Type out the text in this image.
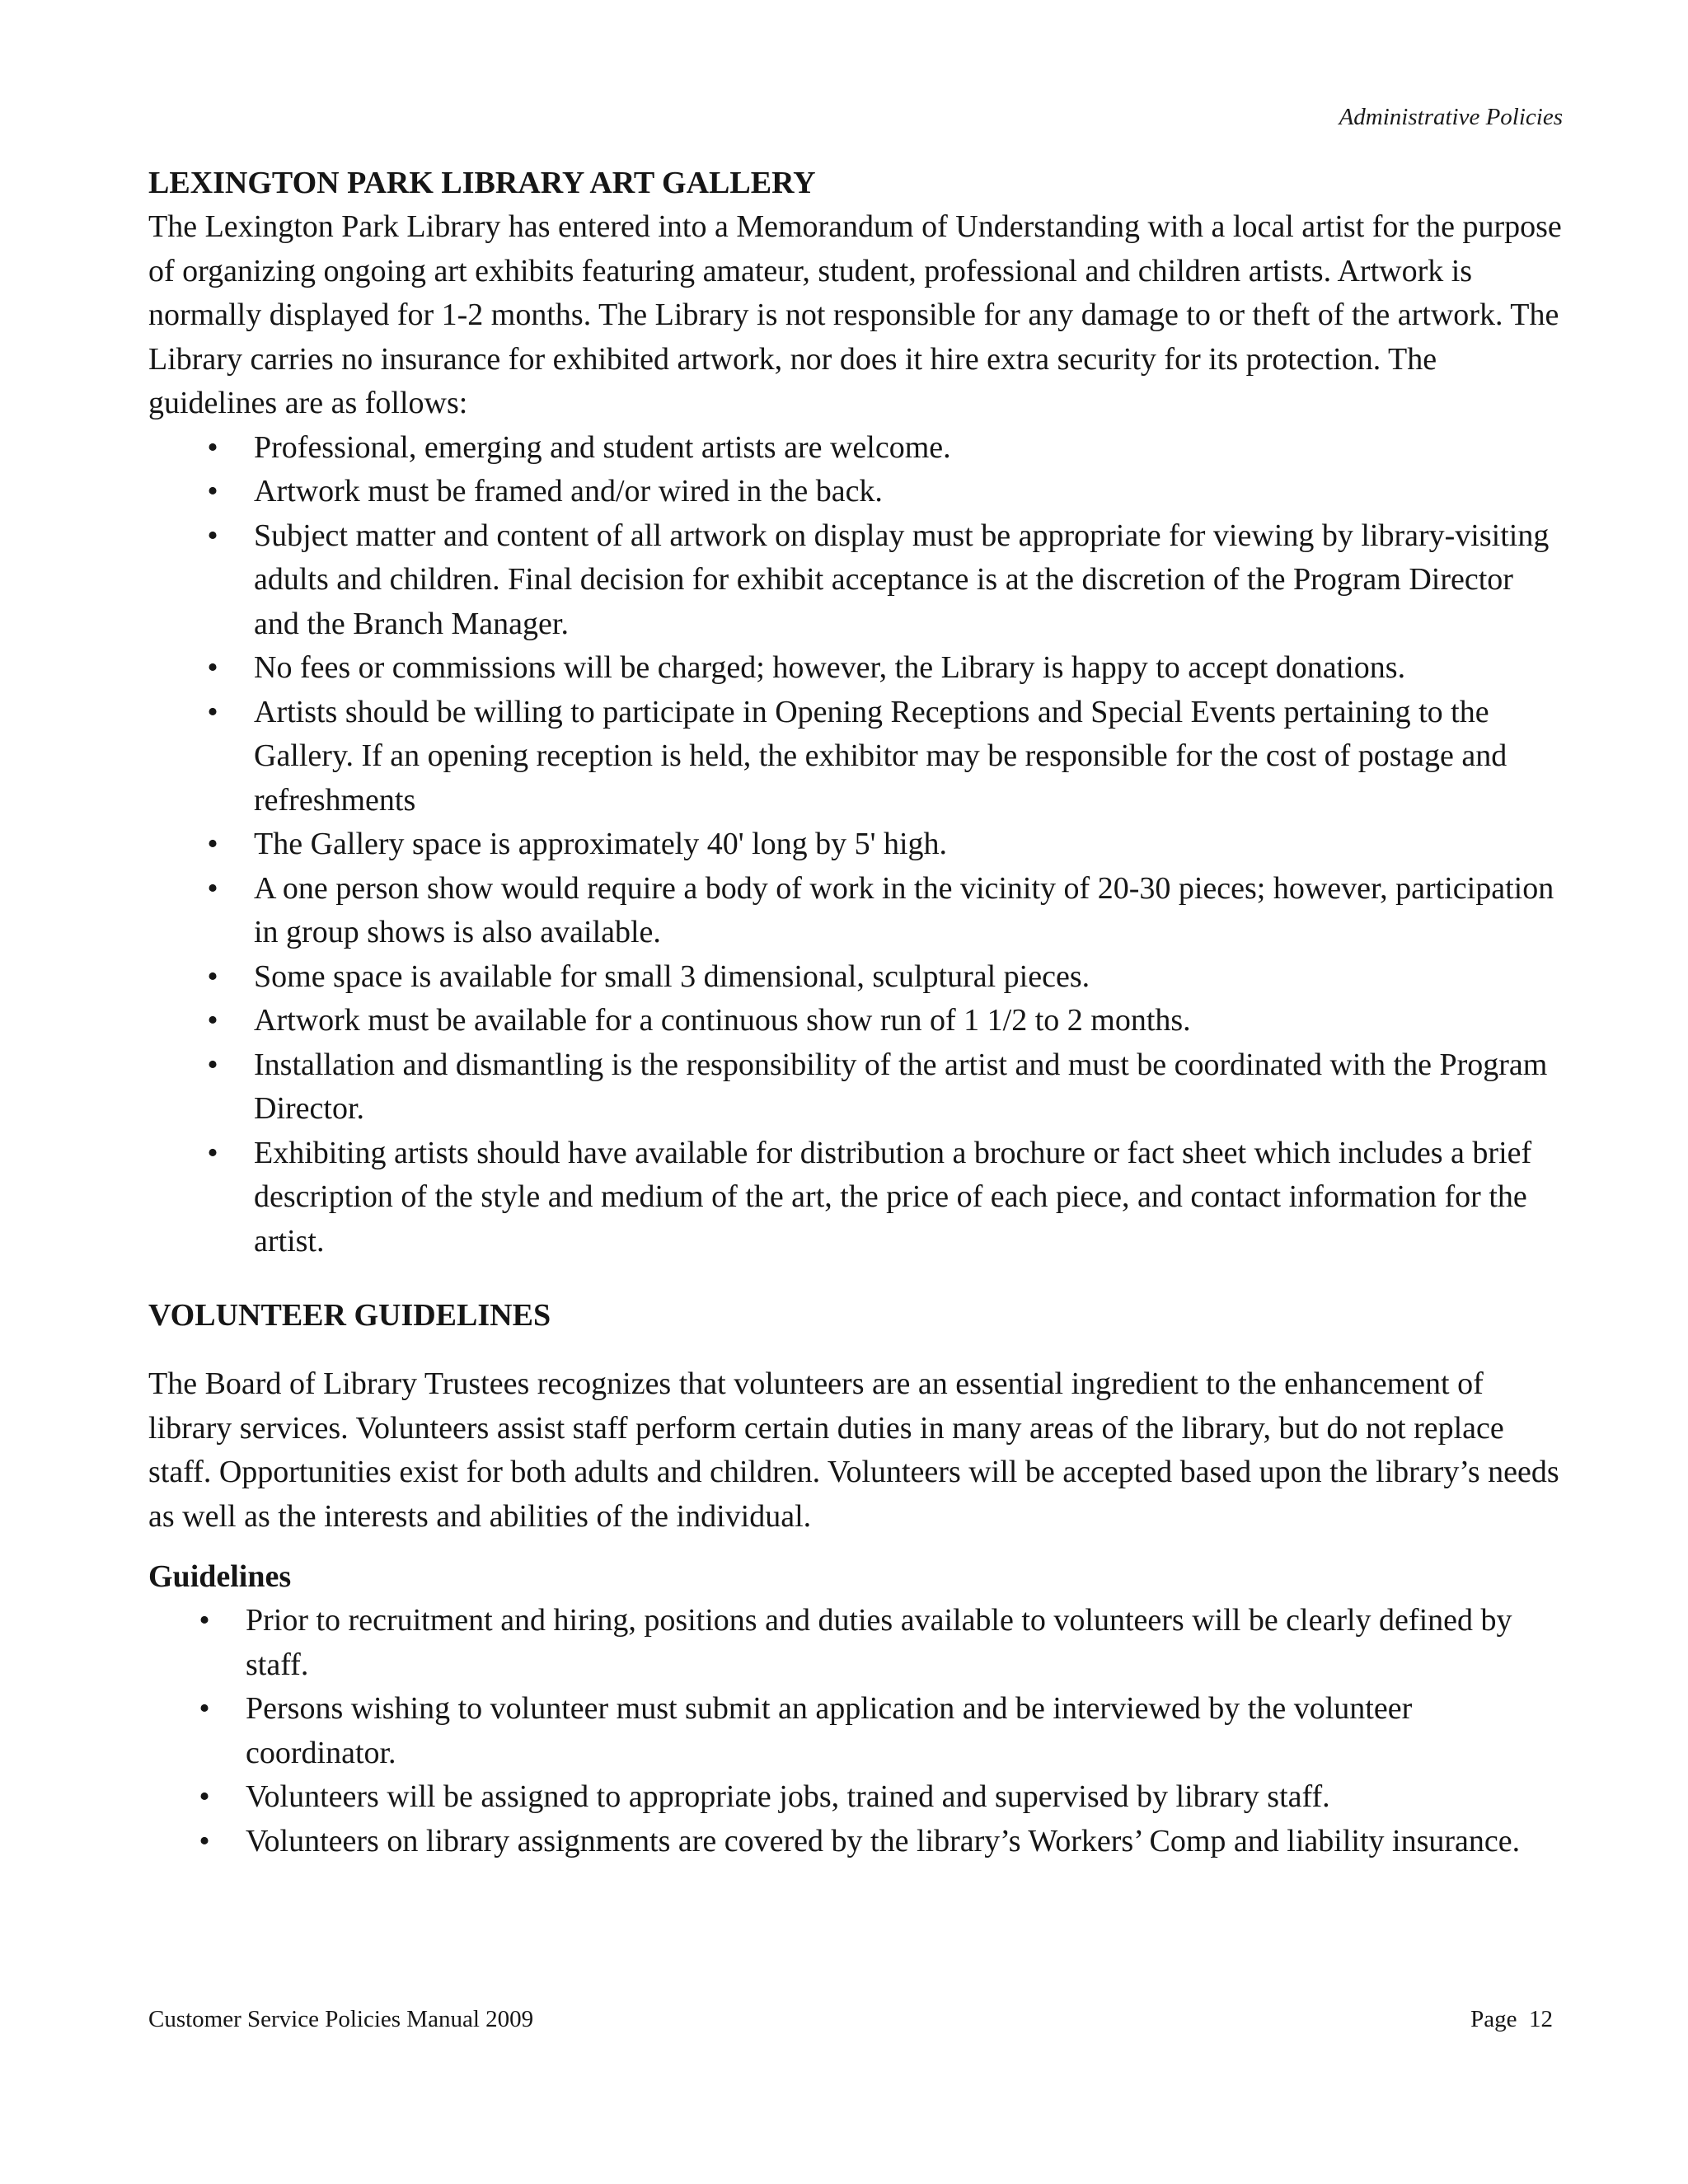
Administrative Policies
LEXINGTON PARK LIBRARY ART GALLERY

The Lexington Park Library has entered into a Memorandum of Understanding with a local artist for the purpose of organizing ongoing art exhibits featuring amateur, student, professional and children artists. Artwork is normally displayed for 1-2 months. The Library is not responsible for any damage to or theft of the artwork. The Library carries no insurance for exhibited artwork, nor does it hire extra security for its protection. The guidelines are as follows:

• Professional, emerging and student artists are welcome.
• Artwork must be framed and/or wired in the back.
• Subject matter and content of all artwork on display must be appropriate for viewing by library-visiting adults and children. Final decision for exhibit acceptance is at the discretion of the Program Director and the Branch Manager.
• No fees or commissions will be charged; however, the Library is happy to accept donations.
• Artists should be willing to participate in Opening Receptions and Special Events pertaining to the Gallery. If an opening reception is held, the exhibitor may be responsible for the cost of postage and refreshments
• The Gallery space is approximately 40' long by 5' high.
• A one person show would require a body of work in the vicinity of 20-30 pieces; however, participation in group shows is also available.
• Some space is available for small 3 dimensional, sculptural pieces.
• Artwork must be available for a continuous show run of 1 1/2 to 2 months.
• Installation and dismantling is the responsibility of the artist and must be coordinated with the Program Director.
• Exhibiting artists should have available for distribution a brochure or fact sheet which includes a brief description of the style and medium of the art, the price of each piece, and contact information for the artist.
VOLUNTEER GUIDELINES

The Board of Library Trustees recognizes that volunteers are an essential ingredient to the enhancement of library services. Volunteers assist staff perform certain duties in many areas of the library, but do not replace staff. Opportunities exist for both adults and children. Volunteers will be accepted based upon the library’s needs as well as the interests and abilities of the individual.

Guidelines
• Prior to recruitment and hiring, positions and duties available to volunteers will be clearly defined by staff.
• Persons wishing to volunteer must submit an application and be interviewed by the volunteer coordinator.
• Volunteers will be assigned to appropriate jobs, trained and supervised by library staff.
• Volunteers on library assignments are covered by the library’s Workers’ Comp and liability insurance.
Customer Service Policies Manual 2009	Page  12
